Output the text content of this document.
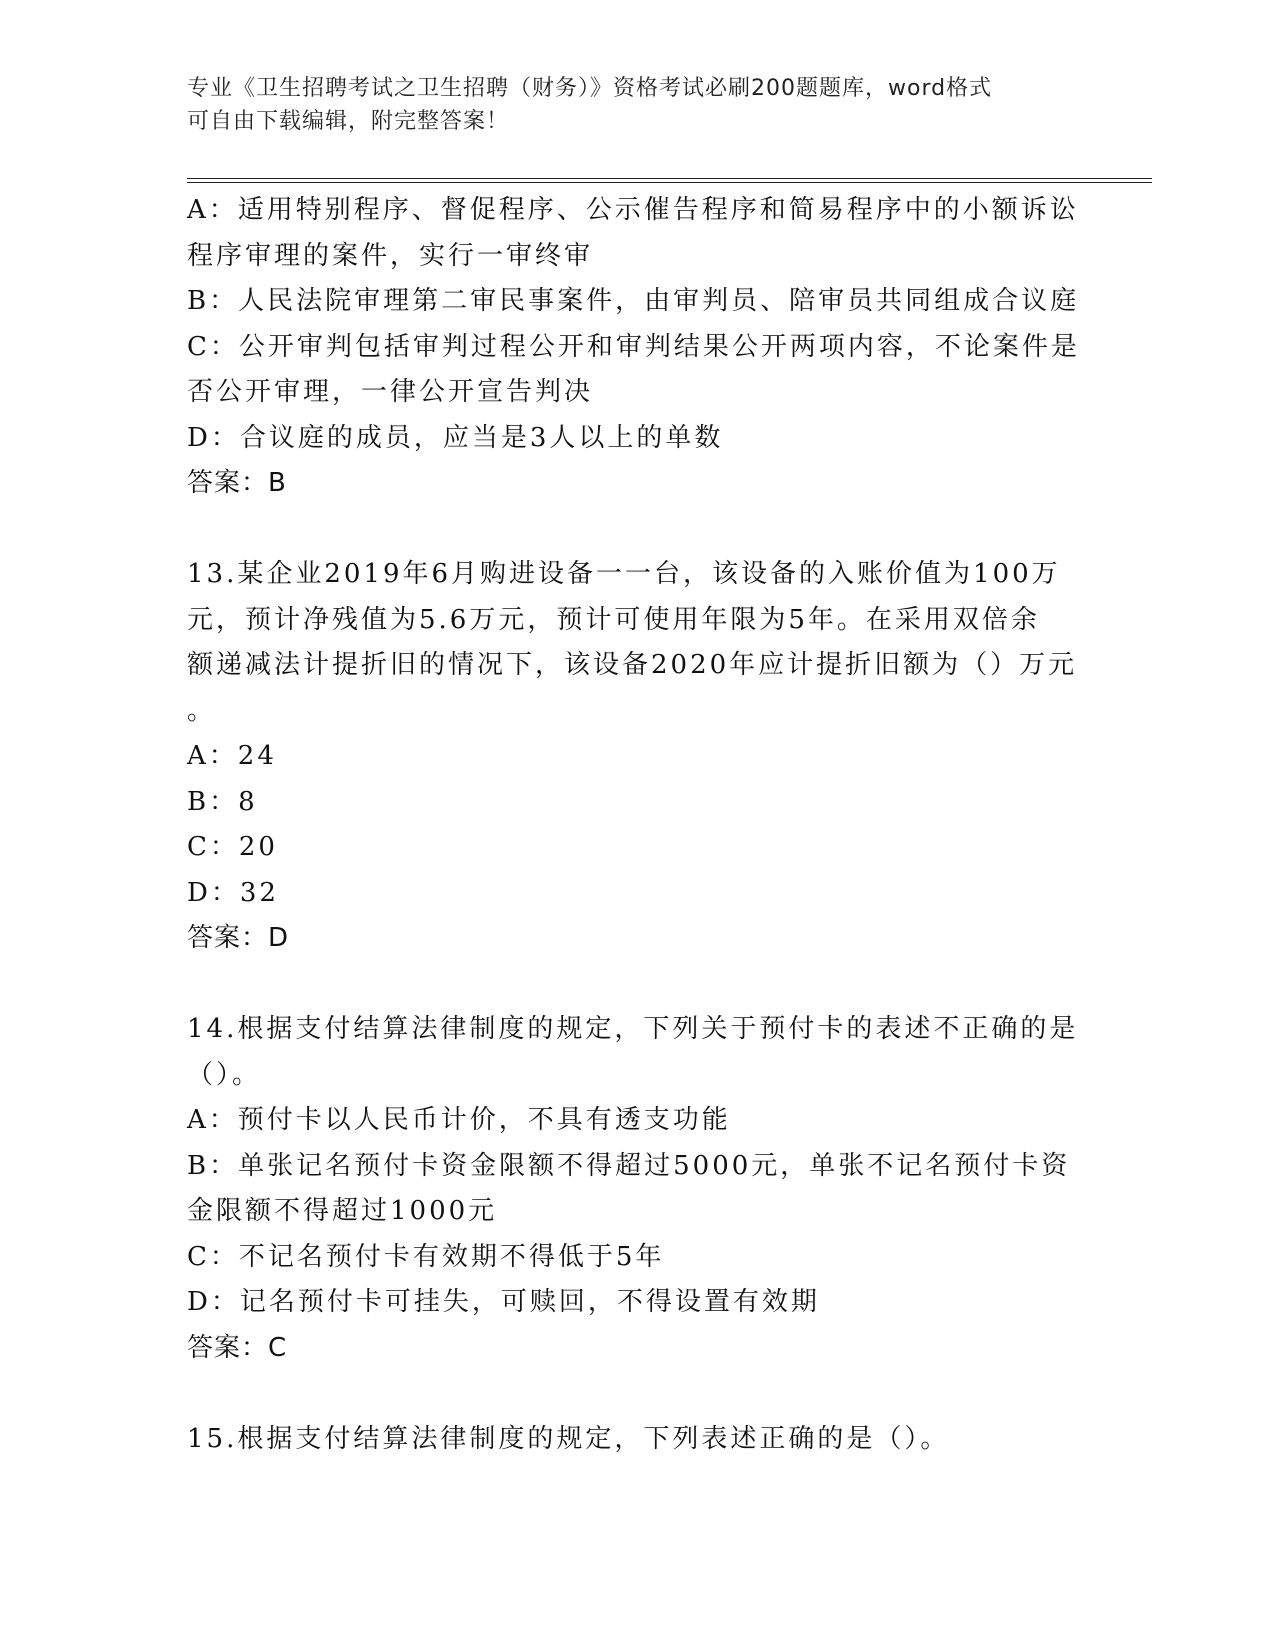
专业《卫生招聘考试之卫生招聘（财务）》资格考试必刷200题题库，word格式
可自由下载编辑，附完整答案！
A：适用特别程序、督促程序、公示催告程序和简易程序中的小额诉讼
程序审理的案件，实行一审终审
B：人民法院审理第二审民事案件，由审判员、陪审员共同组成合议庭
C：公开审判包括审判过程公开和审判结果公开两项内容，不论案件是
否公开审理，一律公开宣告判决
D：合议庭的成员，应当是3人以上的单数
答案：B
13.某企业2019年6月购进设备一一台，该设备的入账价值为100万
元，预计净残值为5.6万元，预计可使用年限为5年。在采用双倍余
额递减法计提折旧的情况下，该设备2020年应计提折旧额为（）万元
。
A：24
B：8
C：20
D：32
答案：D
14.根据支付结算法律制度的规定，下列关于预付卡的表述不正确的是
（）。
A：预付卡以人民币计价，不具有透支功能
B：单张记名预付卡资金限额不得超过5000元，单张不记名预付卡资
金限额不得超过1000元
C：不记名预付卡有效期不得低于5年
D：记名预付卡可挂失，可赎回，不得设置有效期
答案：C
15.根据支付结算法律制度的规定，下列表述正确的是（）。
